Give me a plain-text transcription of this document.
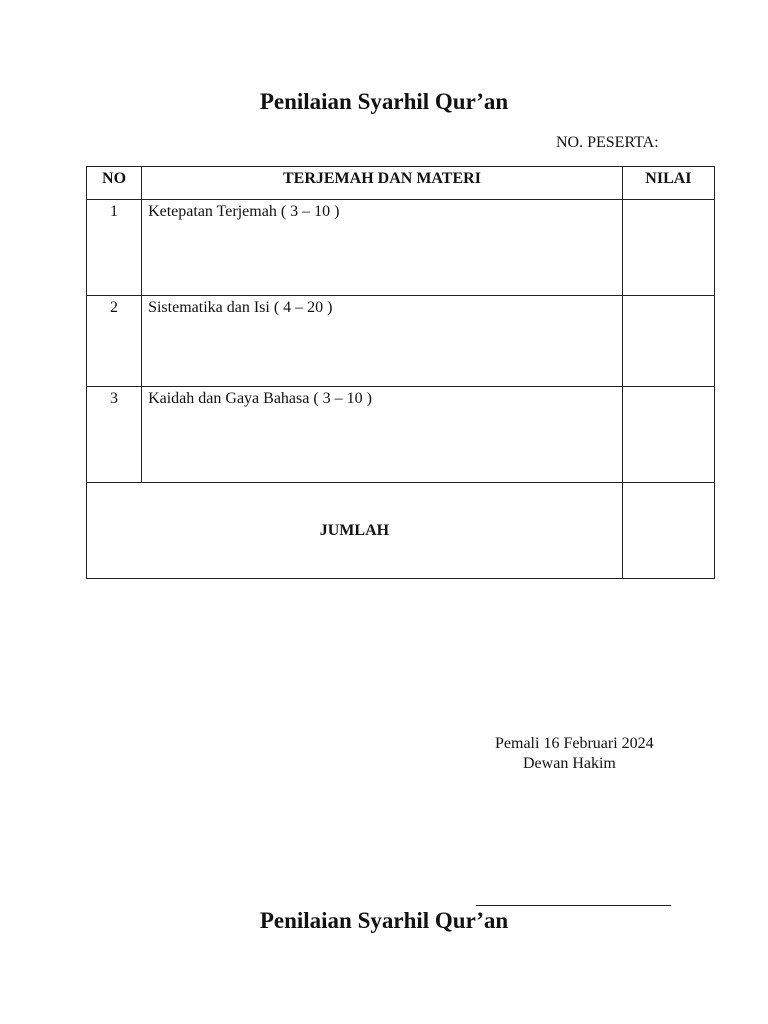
Penilaian Syarhil Qur’an
NO. PESERTA:
NO	TERJEMAH DAN MATERI	NILAI
1	Ketepatan Terjemah ( 3 – 10 )	
2	Sistematika dan Isi ( 4 – 20 )	
3	Kaidah dan Gaya Bahasa ( 3 – 10 )	
JUMLAH		
Pemali 16 Februari 2024
Dewan Hakim
Penilaian Syarhil Qur’an
